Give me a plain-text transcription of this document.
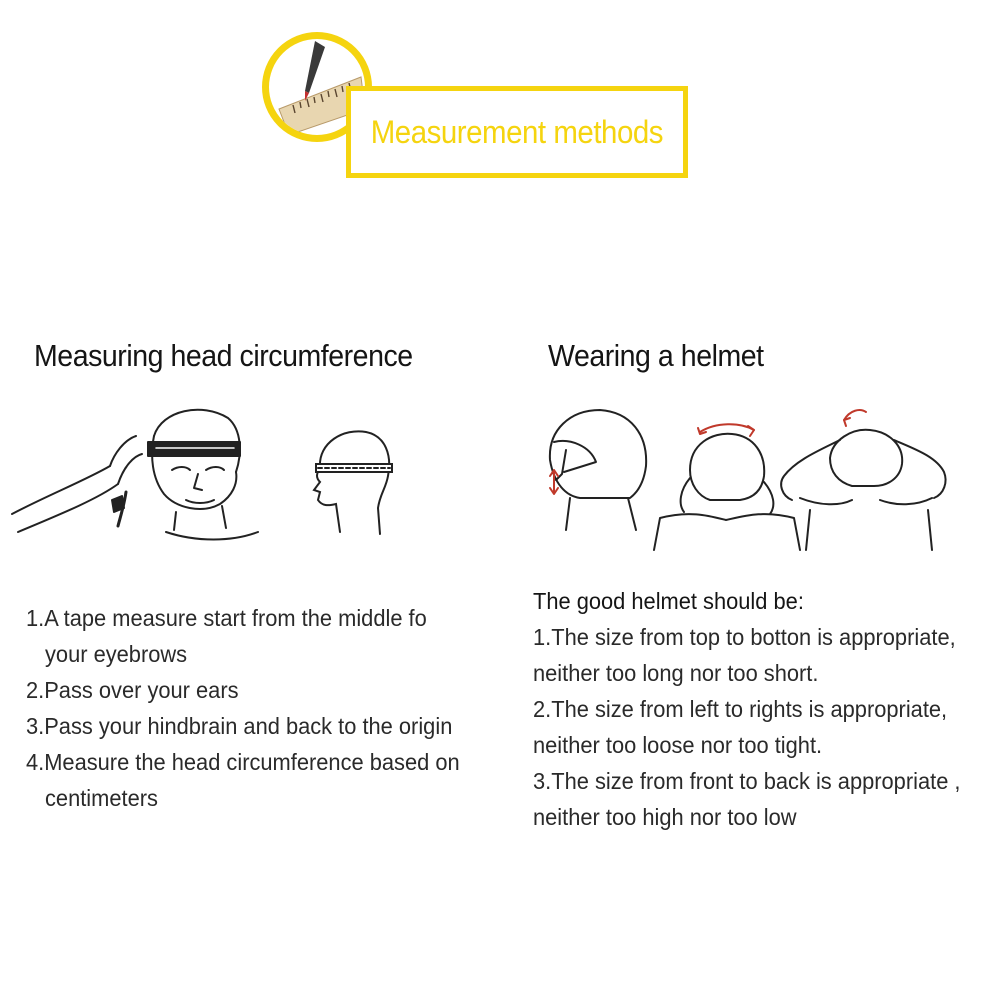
Measurement methods
Measuring head circumference	Wearing a helmet
1.A tape measure start from the middle fo
your eyebrows
2.Pass over your ears
3.Pass your hindbrain and back to the origin
4.Measure the head circumference based on
centimeters
The good helmet should be:
1.The size from top to botton is appropriate,
neither too long nor too short.
2.The size from left to rights is appropriate,
neither too loose nor too tight.
3.The size from front to back is appropriate ,
neither too high nor too low
